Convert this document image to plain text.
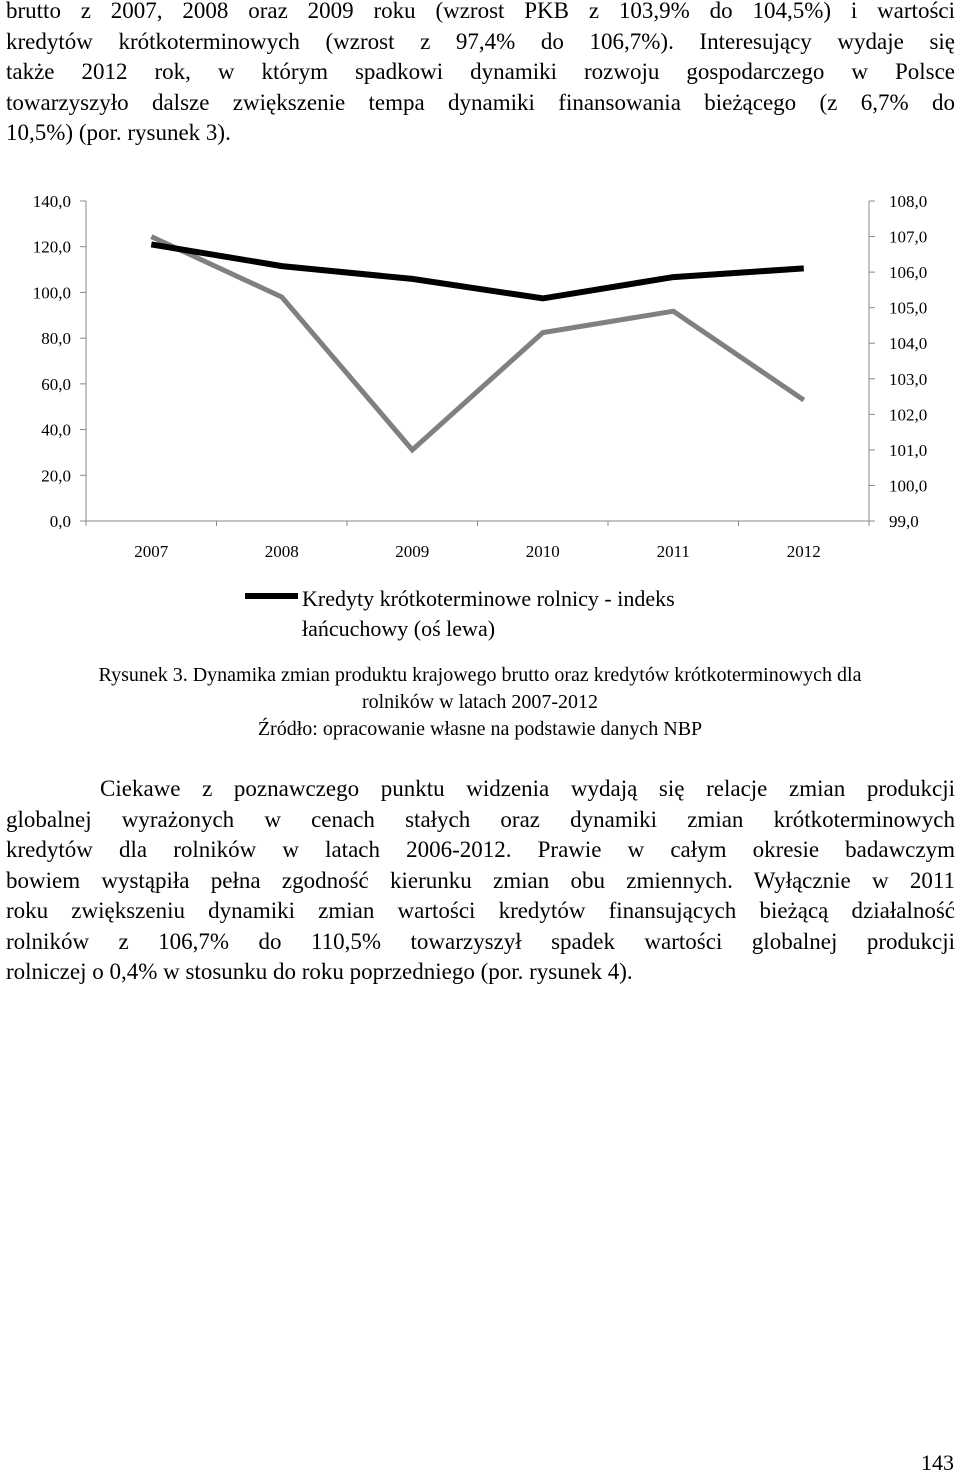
brutto z 2007, 2008 oraz 2009 roku (wzrost PKB z 103,9% do 104,5%) i wartości
kredytów krótkoterminowych (wzrost z 97,4% do 106,7%). Interesujący wydaje się
także 2012 rok, w którym spadkowi dynamiki rozwoju gospodarczego w Polsce
towarzyszyło dalsze zwiększenie tempa dynamiki finansowania bieżącego (z 6,7% do
10,5%) (por. rysunek 3).
0,0
20,0
40,0
60,0
80,0
100,0
120,0
140,0
99,0
100,0
101,0
102,0
103,0
104,0
105,0
106,0
107,0
108,0
2007	2008	2009	2010	2011	2012
Kredyty krótkoterminowe rolnicy - indeks
łańcuchowy (oś lewa)
Rysunek 3. Dynamika zmian produktu krajowego brutto oraz kredytów krótkoterminowych dla
rolników w latach 2007-2012
Źródło: opracowanie własne na podstawie danych NBP
Ciekawe z poznawczego punktu widzenia wydają się relacje zmian produkcji
globalnej wyrażonych w cenach stałych oraz dynamiki zmian krótkoterminowych
kredytów dla rolników w latach 2006-2012. Prawie w całym okresie badawczym
bowiem wystąpiła pełna zgodność kierunku zmian obu zmiennych. Wyłącznie w 2011
roku zwiększeniu dynamiki zmian wartości kredytów finansujących bieżącą działalność
rolników z 106,7% do 110,5% towarzyszył spadek wartości globalnej produkcji
rolniczej o 0,4% w stosunku do roku poprzedniego (por. rysunek 4).
143
